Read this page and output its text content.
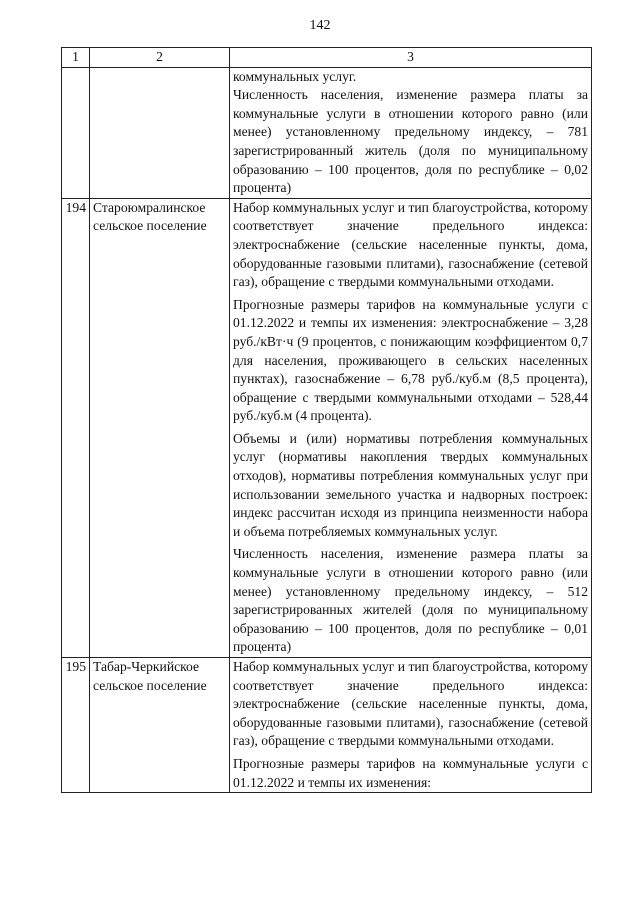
142
1	2	3

		коммунальных услуг.
Численность населения, изменение размера платы за коммунальные услуги в отношении которого равно (или менее) установленному предельному индексу, – 781 зарегистрированный житель (доля по муниципальному образованию – 100 процентов, доля по республике – 0,02 процента)

194	Староюмралинское сельское поселение	Набор коммунальных услуг и тип благоустройства, которому соответствует значение предельного индекса: электроснабжение (сельские населенные пункты, дома, оборудованные газовыми плитами), газоснабжение (сетевой газ), обращение с твердыми коммунальными отходами.
Прогнозные размеры тарифов на коммунальные услуги с 01.12.2022 и темпы их изменения: электроснабжение – 3,28 руб./кВт·ч (9 процентов, с понижающим коэффициентом 0,7 для населения, проживающего в сельских населенных пунктах), газоснабжение – 6,78 руб./куб.м (8,5 процента), обращение с твердыми коммунальными отходами – 528,44 руб./куб.м (4 процента).
Объемы и (или) нормативы потребления коммунальных услуг (нормативы накопления твердых коммунальных отходов), нормативы потребления коммунальных услуг при использовании земельного участка и надворных построек: индекс рассчитан исходя из принципа неизменности набора и объема потребляемых коммунальных услуг.
Численность населения, изменение размера платы за коммунальные услуги в отношении которого равно (или менее) установленному предельному индексу, – 512 зарегистрированных жителей (доля по муниципальному образованию – 100 процентов, доля по республике – 0,01 процента)

195	Табар-Черкийское сельское поселение	Набор коммунальных услуг и тип благоустройства, которому соответствует значение предельного индекса: электроснабжение (сельские населенные пункты, дома, оборудованные газовыми плитами), газоснабжение (сетевой газ), обращение с твердыми коммунальными отходами.
Прогнозные размеры тарифов на коммунальные услуги с 01.12.2022 и темпы их изменения:
